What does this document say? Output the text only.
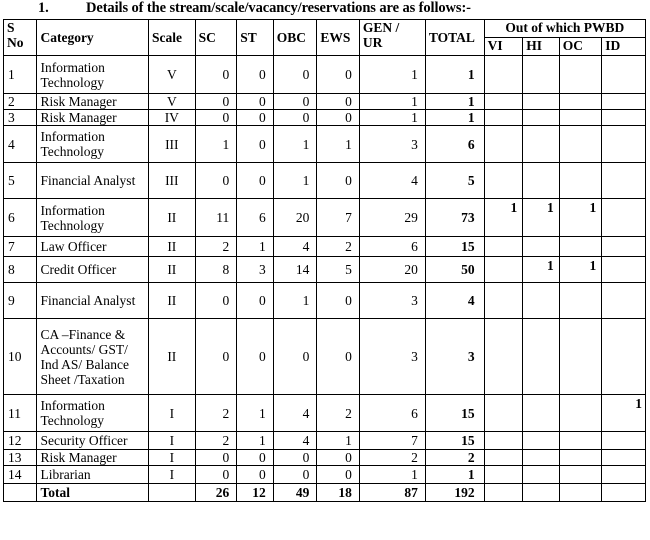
1.	Details of the stream/scale/vacancy/reservations are as follows:-
S No	Category	Scale	SC	ST	OBC	EWS	GEN / UR	TOTAL	Out of which PWBD			
									VI	HI	OC	ID
1	Information Technology	V	0	0	0	0	1	1				
2	Risk Manager	V	0	0	0	0	1	1				
3	Risk Manager	IV	0	0	0	0	1	1				
4	Information Technology	III	1	0	1	1	3	6				
5	Financial Analyst	III	0	0	1	0	4	5				
6	Information Technology	II	11	6	20	7	29	73	1	1	1	
7	Law Officer	II	2	1	4	2	6	15				
8	Credit Officer	II	8	3	14	5	20	50		1	1	
9	Financial Analyst	II	0	0	1	0	3	4				
10	CA –Finance & Accounts/ GST/ Ind AS/ Balance Sheet /Taxation	II	0	0	0	0	3	3				
11	Information Technology	I	2	1	4	2	6	15				1
12	Security Officer	I	2	1	4	1	7	15				
13	Risk Manager	I	0	0	0	0	2	2				
14	Librarian	I	0	0	0	0	1	1				
	Total		26	12	49	18	87	192				
